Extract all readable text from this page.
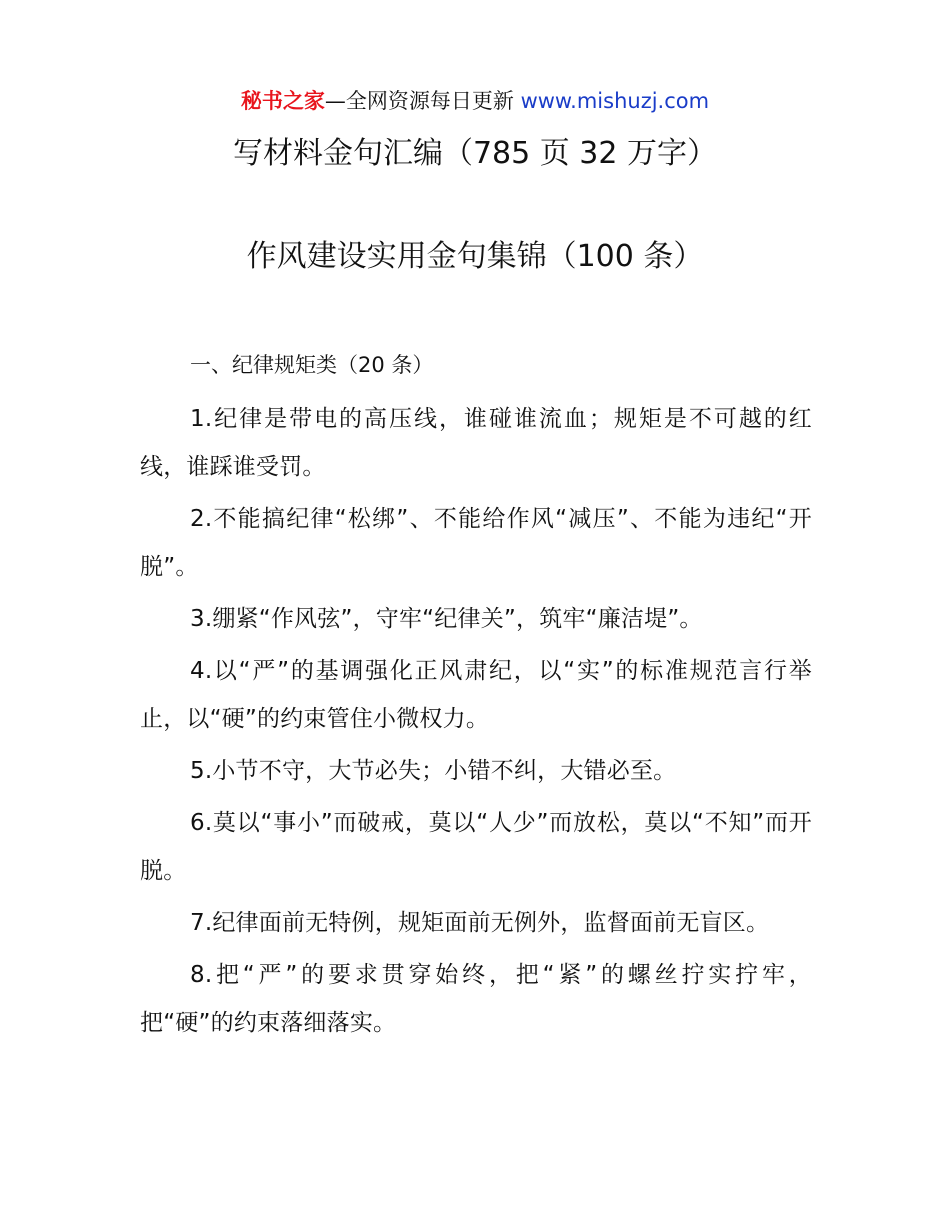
秘书之家—全网资源每日更新 www.mishuzj.com
写材料金句汇编（785 页 32 万字）
作风建设实用金句集锦（100 条）
一、纪律规矩类（20 条）
1.纪律是带电的高压线，谁碰谁流血；规矩是不可越的红线，谁踩谁受罚。
2.不能搞纪律“松绑”、不能给作风“减压”、不能为违纪“开脱”。
3.绷紧“作风弦”，守牢“纪律关”，筑牢“廉洁堤”。
4.以“严”的基调强化正风肃纪，以“实”的标准规范言行举止，以“硬”的约束管住小微权力。
5.小节不守，大节必失；小错不纠，大错必至。
6.莫以“事小”而破戒，莫以“人少”而放松，莫以“不知”而开脱。
7.纪律面前无特例，规矩面前无例外，监督面前无盲区。
8.把“严”的要求贯穿始终，把“紧”的螺丝拧实拧牢，把“硬”的约束落细落实。
